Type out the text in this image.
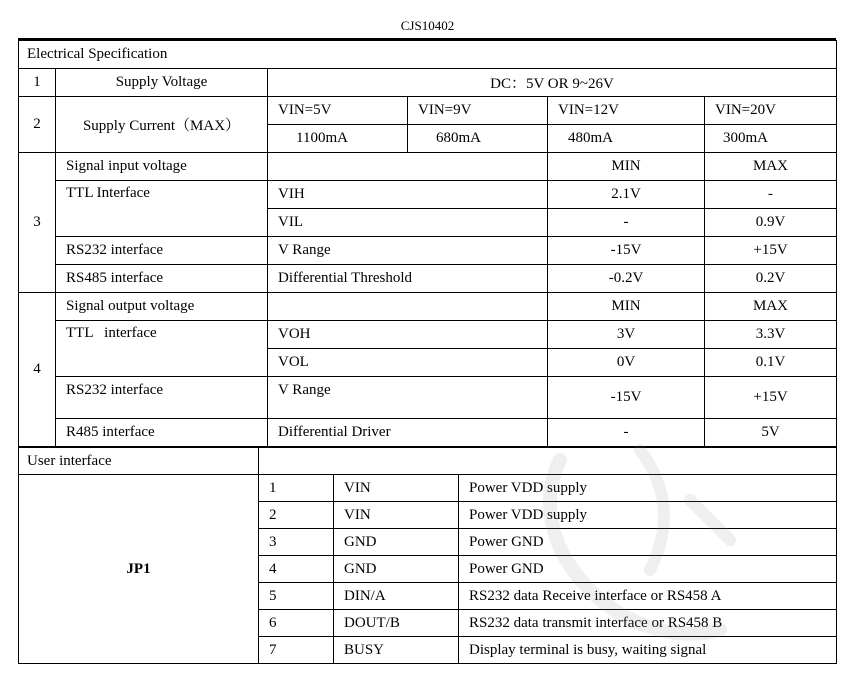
CJS10402
Electrical Specification					
1	Supply Voltage	DC：5V OR 9~26V			
2	Supply Current（MAX）	VIN=5V	VIN=9V	VIN=12V	VIN=20V
		1100mA	680mA	480mA	300mA
3	Signal input voltage			MIN	MAX
	TTL Interface	VIH		2.1V	-
		VIL		-	0.9V
	RS232 interface	V Range		-15V	+15V
	RS485 interface	Differential Threshold		-0.2V	0.2V
4	Signal output voltage			MIN	MAX
	TTL   interface	VOH		3V	3.3V
		VOL		0V	0.1V
	RS232 interface	V Range		-15V	+15V
	R485 interface	Differential Driver		-	5V
User interface			
JP1	1	VIN	Power VDD supply
	2	VIN	Power VDD supply
	3	GND	Power GND
	4	GND	Power GND
	5	DIN/A	RS232 data Receive interface or RS458 A
	6	DOUT/B	RS232 data transmit interface or RS458 B
	7	BUSY	Display terminal is busy, waiting signal
